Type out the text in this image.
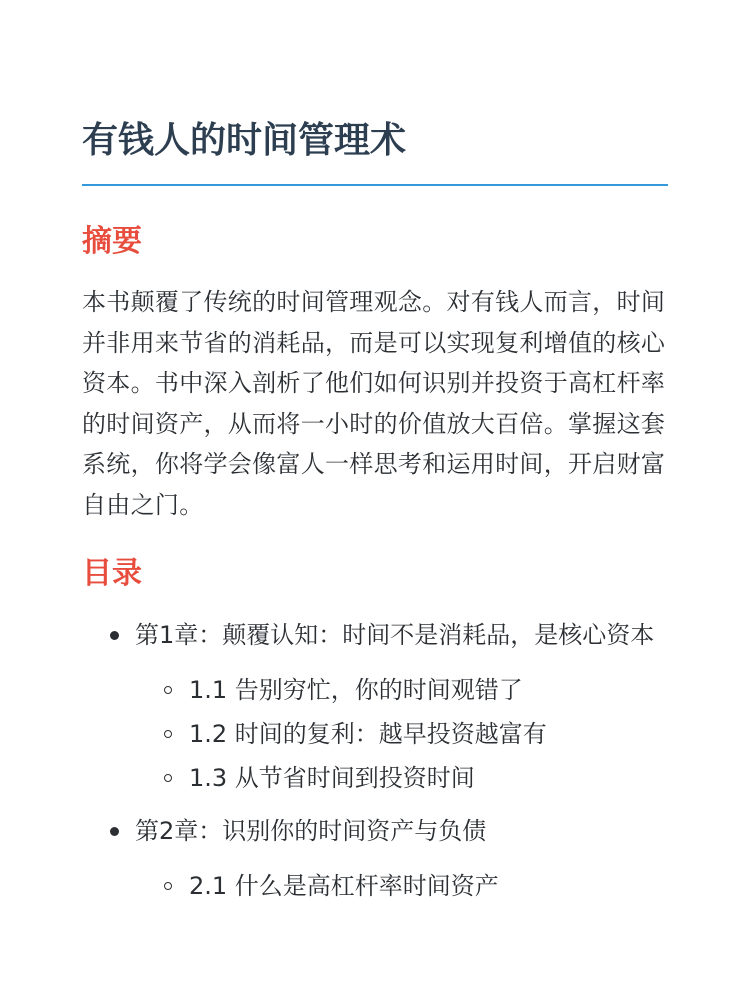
有钱人的时间管理术
摘要

本书颠覆了传统的时间管理观念。对有钱人而言，时间并非用来节省的消耗品，而是可以实现复利增值的核心资本。书中深入剖析了他们如何识别并投资于高杠杆率的时间资产，从而将一小时的价值放大百倍。掌握这套系统，你将学会像富人一样思考和运用时间，开启财富自由之门。

目录
第1章：颠覆认知：时间不是消耗品，是核心资本
1.1 告别穷忙，你的时间观错了
1.2 时间的复利：越早投资越富有
1.3 从节省时间到投资时间
第2章：识别你的时间资产与负债
2.1 什么是高杠杆率时间资产
